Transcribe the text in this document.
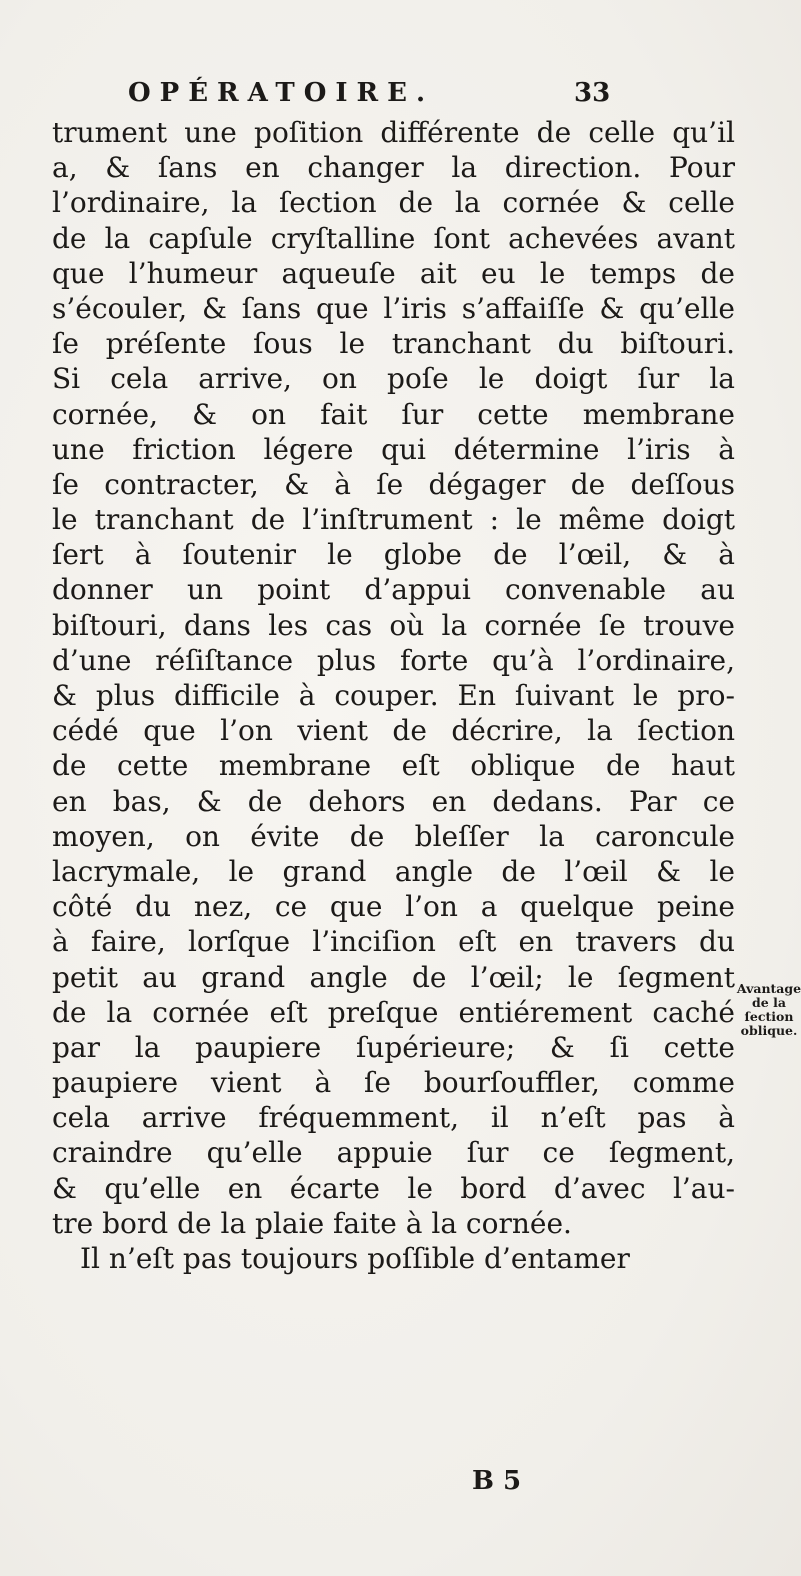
OPÉRATOIRE.	33
trument une poſition différente de celle qu’il
a, & ſans en changer la direction. Pour
l’ordinaire, la ſection de la cornée & celle
de la capſule cryſtalline ſont achevées avant
que l’humeur aqueuſe ait eu le temps de
s’écouler, & ſans que l’iris s’affaiſſe & qu’elle
ſe préſente ſous le tranchant du biſtouri.
Si cela arrive, on poſe le doigt ſur la
cornée, & on fait ſur cette membrane
une friction légere qui détermine l’iris à
ſe contracter, & à ſe dégager de deſſous
le tranchant de l’inſtrument : le même doigt
ſert à ſoutenir le globe de l’œil, & à
donner un point d’appui convenable au
biſtouri, dans les cas où la cornée ſe trouve
d’une réſiſtance plus forte qu’à l’ordinaire,
& plus difficile à couper. En ſuivant le pro-
cédé que l’on vient de décrire, la ſection
de cette membrane eſt oblique de haut
en bas, & de dehors en dedans. Par ce
moyen, on évite de bleſſer la caroncule
lacrymale, le grand angle de l’œil & le
côté du nez, ce que l’on a quelque peine
à faire, lorſque l’inciſion eſt en travers du
petit au grand angle de l’œil; le ſegment
de la cornée eſt preſque entiérement caché
par la paupiere ſupérieure; & ſi cette
paupiere vient à ſe bourſouffler, comme
cela arrive fréquemment, il n’eſt pas à
craindre qu’elle appuie ſur ce ſegment,
& qu’elle en écarte le bord d’avec l’au-
tre bord de la plaie faite à la cornée.
Il n’eſt pas toujours poſſible d’entamer
Avantage
de la ſection
oblique.
B 5
